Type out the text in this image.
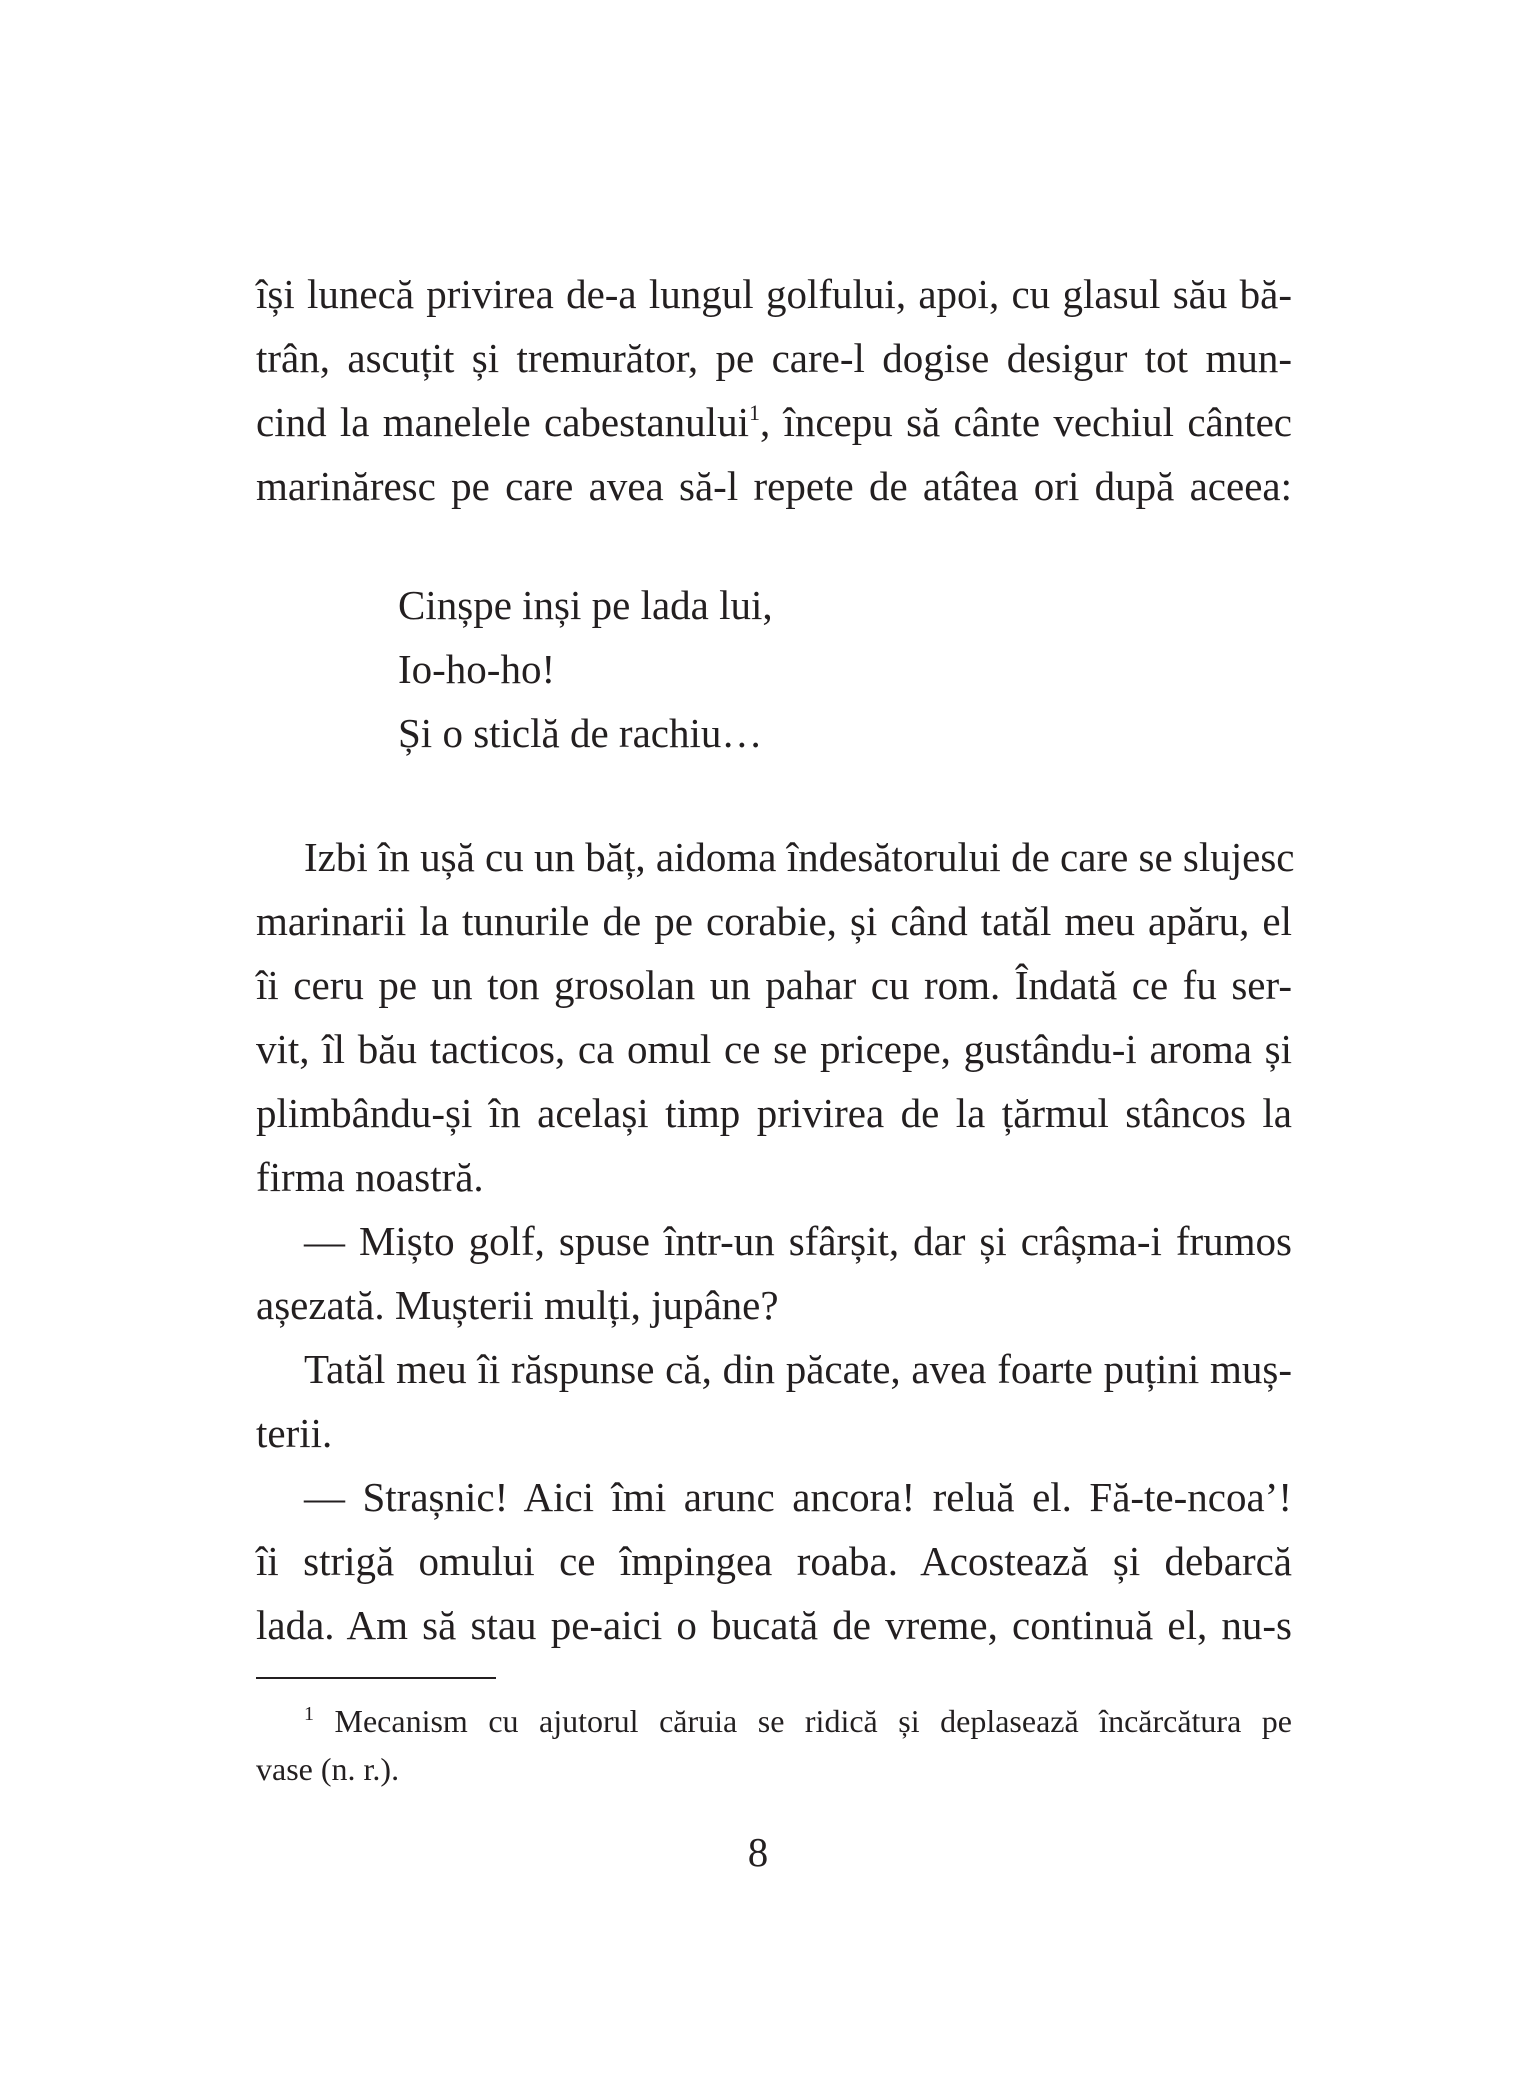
își lunecă privirea de-a lungul golfului, apoi, cu glasul său bă-
trân, ascuțit și tremurător, pe care-l dogise desigur tot mun-
cind la manelele cabestanului$^1$, începu să cânte vechiul cântec
marinăresc pe care avea să-l repete de atâtea ori după aceea:
Cinșpe inși pe lada lui,
Io-ho-ho!
Și o sticlă de rachiu…
Izbi în ușă cu un băț, aidoma îndesătorului de care se slujesc
marinarii la tunurile de pe corabie, și când tatăl meu apăru, el
îi ceru pe un ton grosolan un pahar cu rom. Îndată ce fu ser-
vit, îl bău tacticos, ca omul ce se pricepe, gustându-i aroma și
plimbându-și în același timp privirea de la țărmul stâncos la
firma noastră.
— Mișto golf, spuse într-un sfârșit, dar și crâșma-i frumos
așezată. Mușterii mulți, jupâne?
Tatăl meu îi răspunse că, din păcate, avea foarte puțini muș-
terii.
— Strașnic! Aici îmi arunc ancora! reluă el. Fă-te-ncoa’!
îi strigă omului ce împingea roaba. Acostează și debarcă
lada. Am să stau pe-aici o bucată de vreme, continuă el, nu-s
$^1$ Mecanism cu ajutorul căruia se ridică și deplasează încărcătura pe
vase (n. r.).
8
